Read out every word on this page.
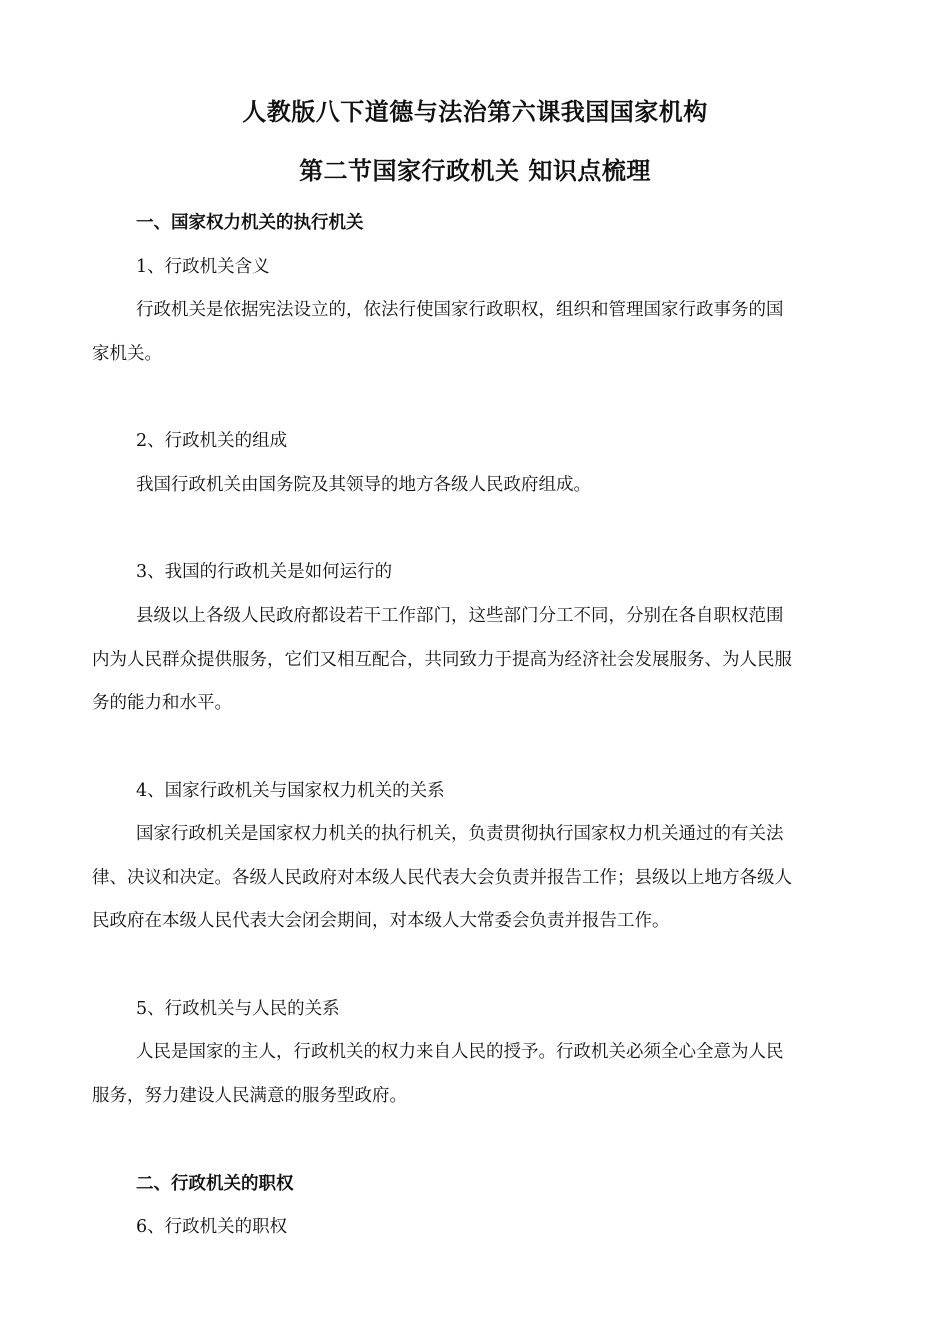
人教版八下道德与法治第六课我国国家机构
第二节国家行政机关 知识点梳理
一、国家权力机关的执行机关
1、行政机关含义
行政机关是依据宪法设立的，依法行使国家行政职权，组织和管理国家行政事务的国
家机关。
2、行政机关的组成
我国行政机关由国务院及其领导的地方各级人民政府组成。
3、我国的行政机关是如何运行的
县级以上各级人民政府都设若干工作部门，这些部门分工不同，分别在各自职权范围
内为人民群众提供服务，它们又相互配合，共同致力于提高为经济社会发展服务、为人民服
务的能力和水平。
4、国家行政机关与国家权力机关的关系
国家行政机关是国家权力机关的执行机关，负责贯彻执行国家权力机关通过的有关法
律、决议和决定。各级人民政府对本级人民代表大会负责并报告工作；县级以上地方各级人
民政府在本级人民代表大会闭会期间，对本级人大常委会负责并报告工作。
5、行政机关与人民的关系
人民是国家的主人，行政机关的权力来自人民的授予。行政机关必须全心全意为人民
服务，努力建设人民满意的服务型政府。
二、行政机关的职权
6、行政机关的职权
